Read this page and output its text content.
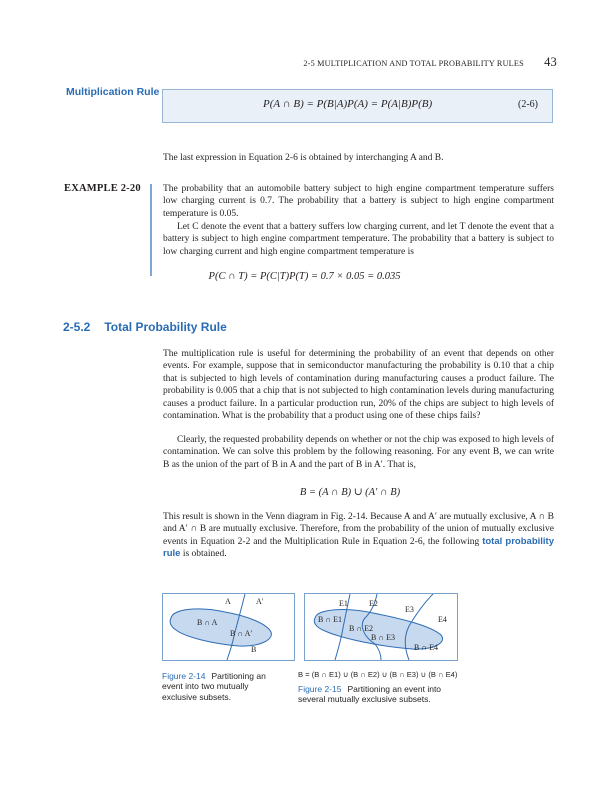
2-5 MULTIPLICATION AND TOTAL PROBABILITY RULES 43
Multiplication Rule
P(A ∩ B) = P(B|A)P(A) = P(A|B)P(B)	(2-6)
The last expression in Equation 2-6 is obtained by interchanging A and B.
EXAMPLE 2-20 The probability that an automobile battery subject to high engine compartment temperature suffers low charging current is 0.7. The probability that a battery is subject to high engine compartment temperature is 0.05.
Let C denote the event that a battery suffers low charging current, and let T denote the event that a battery is subject to high engine compartment temperature. The probability that a battery is subject to low charging current and high engine compartment temperature is
P(C ∩ T) = P(C|T)P(T) = 0.7 × 0.05 = 0.035
2-5.2 Total Probability Rule
The multiplication rule is useful for determining the probability of an event that depends on other events. For example, suppose that in semiconductor manufacturing the probability is 0.10 that a chip that is subjected to high levels of contamination during manufacturing causes a product failure. The probability is 0.005 that a chip that is not subjected to high contamination levels during manufacturing causes a product failure. In a particular production run, 20% of the chips are subject to high levels of contamination. What is the probability that a product using one of these chips fails?
Clearly, the requested probability depends on whether or not the chip was exposed to high levels of contamination. We can solve this problem by the following reasoning. For any event B, we can write B as the union of the part of B in A and the part of B in A′. That is,
B = (A ∩ B) ∪ (A′ ∩ B)
This result is shown in the Venn diagram in Fig. 2-14. Because A and A′ are mutually exclusive, A ∩ B and A′ ∩ B are mutually exclusive. Therefore, from the probability of the union of mutually exclusive events in Equation 2-2 and the Multiplication Rule in Equation 2-6, the following total probability rule is obtained.
A	A′
B ∩ A
B ∩ A′
B
Figure 2-14 Partitioning an event into two mutually exclusive subsets.
E1	E2
E3
E4
B ∩ E1
B ∩ E2
B ∩ E3
B ∩ E4
B = (B ∩ E1) ∪ (B ∩ E2) ∪ (B ∩ E3) ∪ (B ∩ E4)
Figure 2-15 Partitioning an event into several mutually exclusive subsets.
